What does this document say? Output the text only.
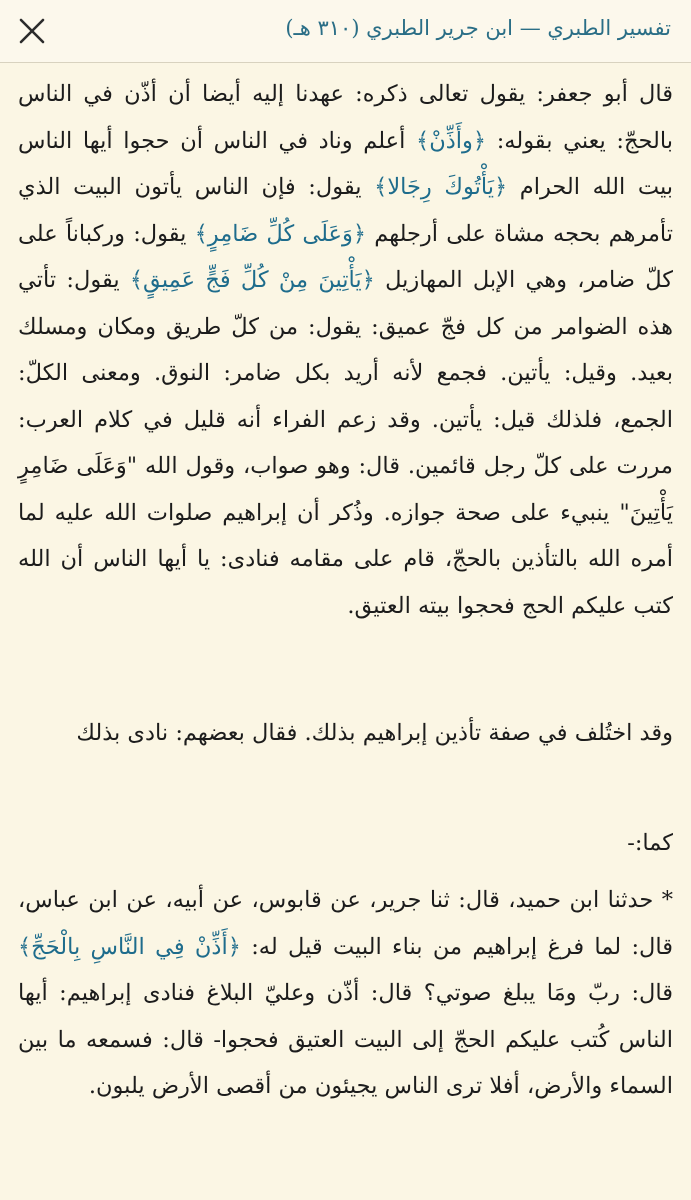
تفسير الطبري — ابن جرير الطبري (٣١٠ هـ)
قال أبو جعفر: يقول تعالى ذكره: عهدنا إليه أيضا أن أذّن في الناس بالحجّ: يعني بقوله: ﴿وأَذِّنْ﴾ أعلم وناد في الناس أن حجوا أيها الناس بيت الله الحرام ﴿يَأْتُوكَ رِجَالا﴾ يقول: فإن الناس يأتون البيت الذي تأمرهم بحجه مشاة على أرجلهم ﴿وَعَلَى كُلِّ ضَامِرٍ﴾ يقول: وركباناً على كلّ ضامر، وهي الإبل المهازيل ﴿يَأْتِينَ مِنْ كُلِّ فَجٍّ عَمِيقٍ﴾ يقول: تأتي هذه الضوامر من كل فجّ عميق: يقول: من كلّ طريق ومكان ومسلك بعيد. وقيل: يأتين. فجمع لأنه أريد بكل ضامر: النوق. ومعنى الكلّ: الجمع، فلذلك قيل: يأتين. وقد زعم الفراء أنه قليل في كلام العرب: مررت على كلّ رجل قائمين. قال: وهو صواب، وقول الله "وَعَلَى ضَامِرٍ يَأْتِينَ" ينبيء على صحة جوازه. وذُكر أن إبراهيم صلوات الله عليه لما أمره الله بالتأذين بالحجّ، قام على مقامه فنادى: يا أيها الناس أن الله كتب عليكم الحج فحجوا بيته العتيق.
وقد اختُلف في صفة تأذين إبراهيم بذلك. فقال بعضهم: نادى بذلك
كما:-
* حدثنا ابن حميد، قال: ثنا جرير، عن قابوس، عن أبيه، عن ابن عباس، قال: لما فرغ إبراهيم من بناء البيت قيل له: ﴿أَذِّنْ فِي النَّاسِ بِالْحَجِّ﴾ قال: ربّ ومَا يبلغ صوتي؟ قال: أذّن وعليّ البلاغ فنادى إبراهيم: أيها الناس كُتب عليكم الحجّ إلى البيت العتيق فحجوا- قال: فسمعه ما بين السماء والأرض، أفلا ترى الناس يجيئون من أقصى الأرض يلبون.
